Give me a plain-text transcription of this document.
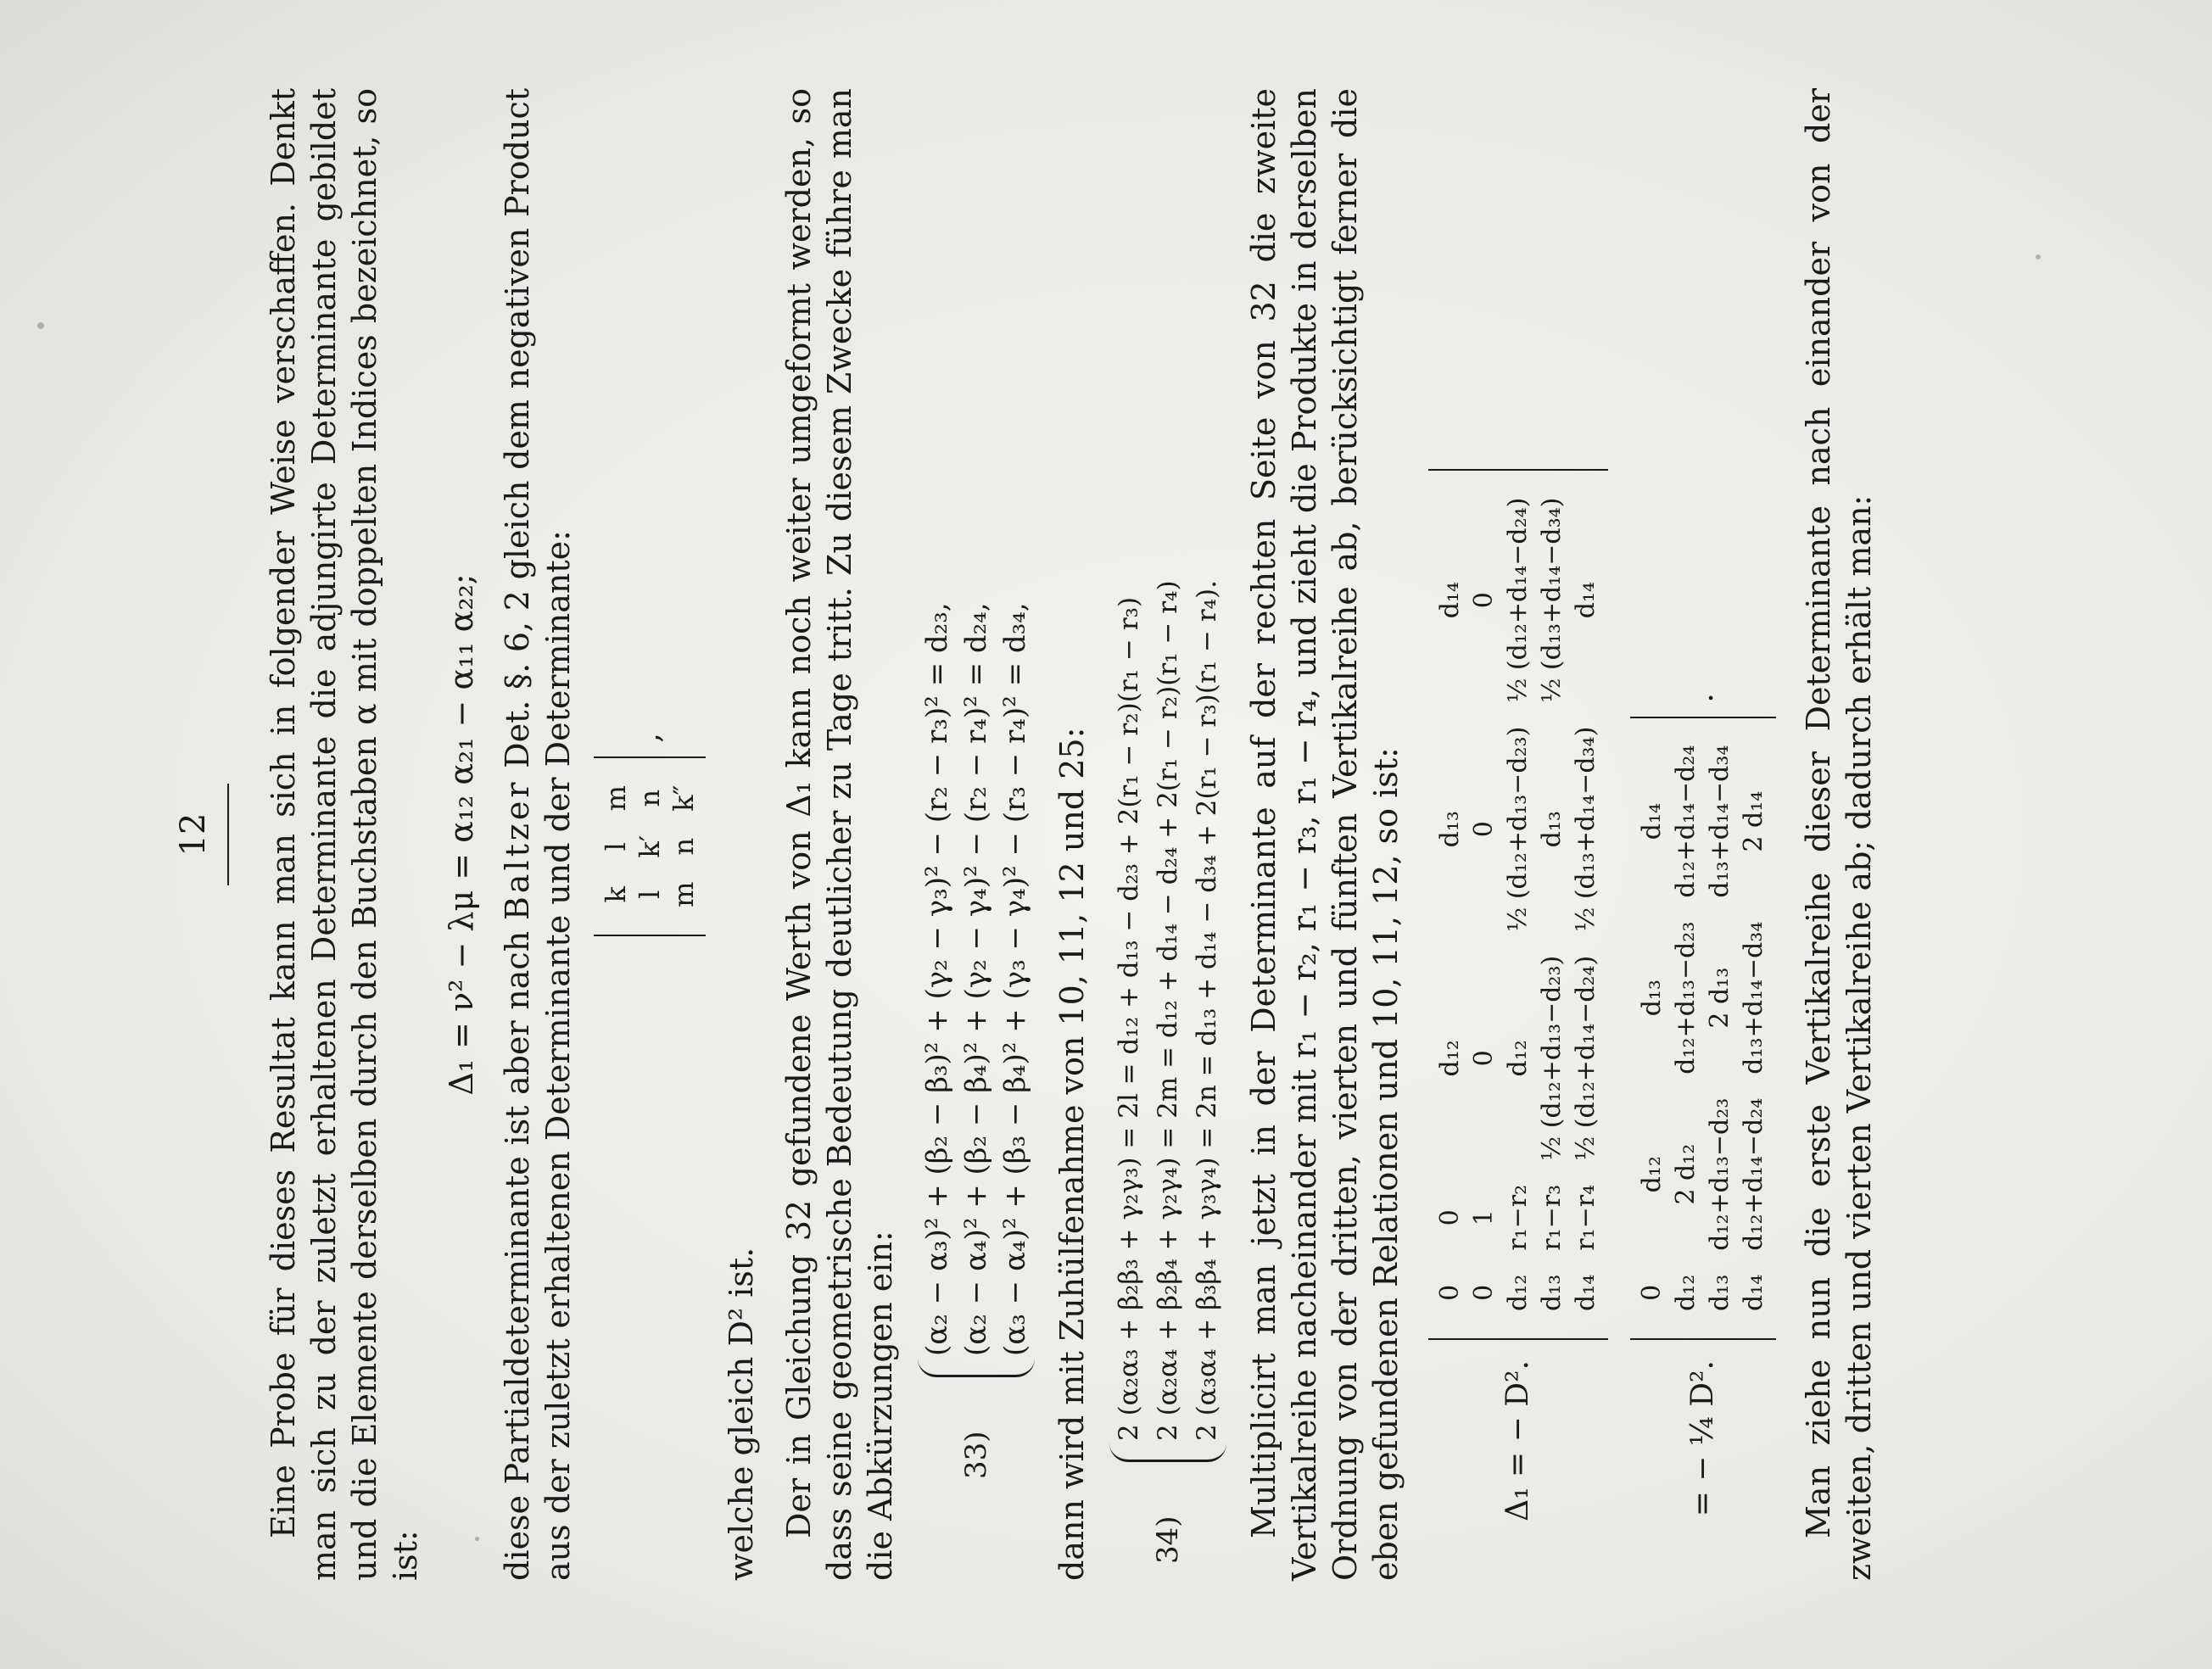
12 Eine Probe für dieses Resultat kann man sich in folgender Weise verschaffen. Denkt man sich zu der zuletzt erhaltenen Determinante die adjungirte Determinante gebildet und die Elemente derselben durch den Buchstaben α mit doppelten Indices bezeichnet, so ist:

Δ₁ = ν² − λμ = α₁₂ α₂₁ − α₁₁ α₂₂;

diese Partialdeterminante ist aber nach Baltzer Det. §. 6, 2 gleich dem negativen Product aus der zuletzt erhaltenen Determinante und der Determinante: k	l	m
l	k′	n
m	n	k″
,

welche gleich D² ist. Der in Gleichung 32 gefundene Werth von Δ₁ kann noch weiter umgeformt werden, so dass seine geometrische Bedeutung deutlicher zu Tage tritt. Zu diesem Zwecke führe man die Abkürzungen ein: 33)
(α₂ − α₃)² + (β₂ − β₃)² + (γ₂ − γ₃)² − (r₂ − r₃)² = d₂₃, (α₂ − α₄)² + (β₂ − β₄)² + (γ₂ − γ₄)² − (r₂ − r₄)² = d₂₄, (α₃ − α₄)² + (β₃ − β₄)² + (γ₃ − γ₄)² − (r₃ − r₄)² = d₃₄, dann wird mit Zuhülfenahme von 10, 11, 12 und 25: 34)
2 (α₂α₃ + β₂β₃ + γ₂γ₃) = 2l = d₁₂ + d₁₃ − d₂₃ + 2(r₁ − r₂)(r₁ − r₃) 2 (α₂α₄ + β₂β₄ + γ₂γ₄) = 2m = d₁₂ + d₁₄ − d₂₄ + 2(r₁ − r₂)(r₁ − r₄) 2 (α₃α₄ + β₃β₄ + γ₃γ₄) = 2n = d₁₃ + d₁₄ − d₃₄ + 2(r₁ − r₃)(r₁ − r₄). Multiplicirt man jetzt in der Determinante auf der rechten Seite von 32 die zweite Vertikalreihe nacheinander mit r₁ − r₂, r₁ − r₃, r₁ − r₄, und zieht die Produkte in derselben Ordnung von der dritten, vierten und fünften Vertikalreihe ab, berücksichtigt ferner die eben gefundenen Relationen und 10, 11, 12, so ist:	Δ₁ = − D².
0	0	d₁₂	d₁₃	d₁₄
0	1	0	0	0
d₁₂	r₁−r₂	d₁₂	½ (d₁₂+d₁₃−d₂₃)	½ (d₁₂+d₁₄−d₂₄)
d₁₃	r₁−r₃	½ (d₁₂+d₁₃−d₂₃)	d₁₃	½ (d₁₃+d₁₄−d₃₄)
d₁₄	r₁−r₄	½ (d₁₂+d₁₄−d₂₄)	½ (d₁₃+d₁₄−d₃₄)	d₁₄
= − ¼ D².
0	d₁₂	d₁₃	d₁₄
d₁₂	2 d₁₂	d₁₂+d₁₃−d₂₃	d₁₂+d₁₄−d₂₄
d₁₃	d₁₂+d₁₃−d₂₃	2 d₁₃	d₁₃+d₁₄−d₃₄
d₁₄	d₁₂+d₁₄−d₂₄	d₁₃+d₁₄−d₃₄	2 d₁₄
. Man ziehe nun die erste Vertikalreihe dieser Determinante nach einander von der zweiten, dritten und vierten Vertikalreihe ab; dadurch erhält man:
